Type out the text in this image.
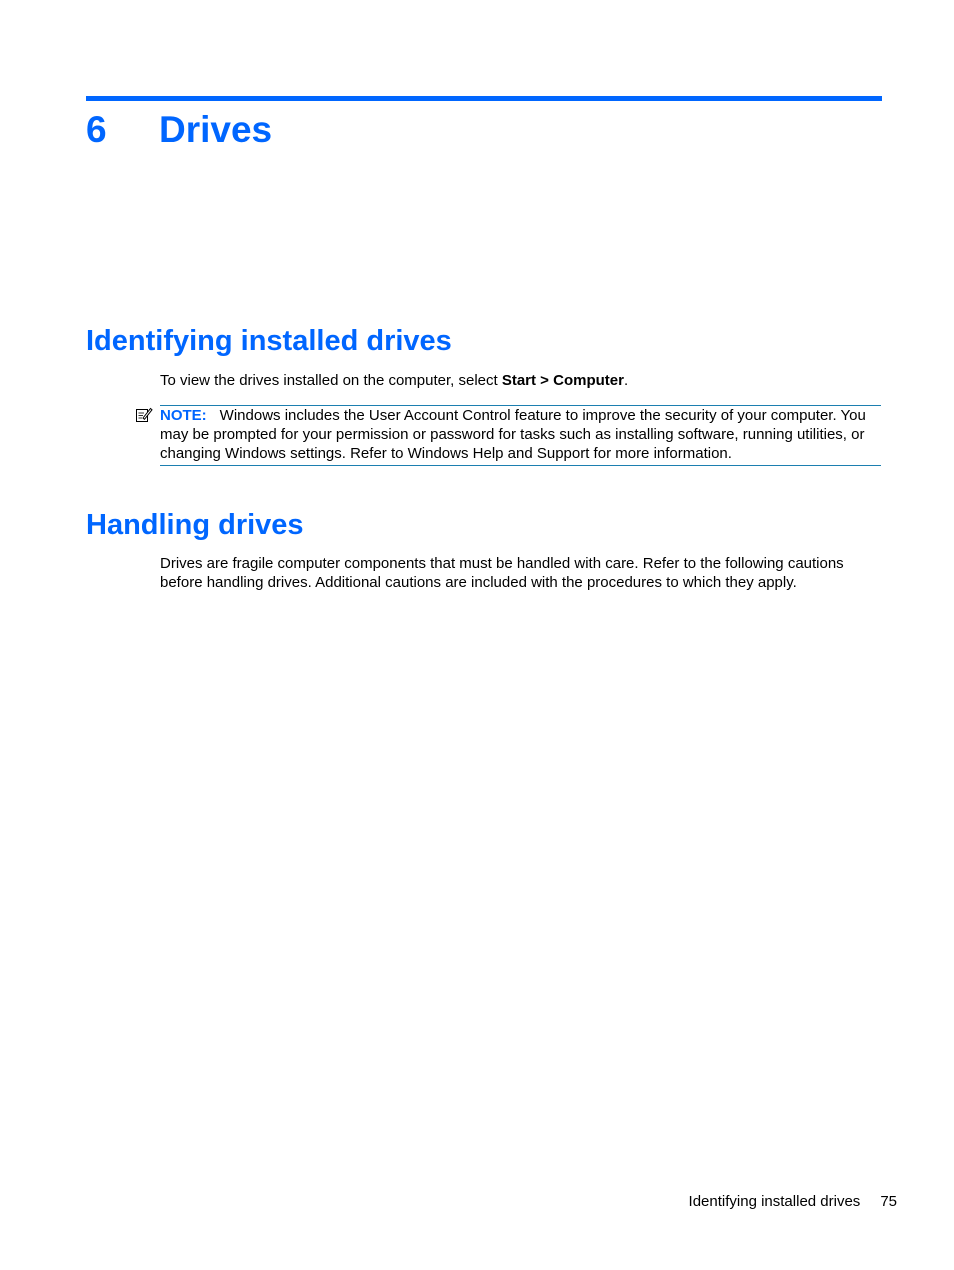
6	Drives
Identifying installed drives
To view the drives installed on the computer, select Start > Computer.
NOTE: Windows includes the User Account Control feature to improve the security of your computer. You may be prompted for your permission or password for tasks such as installing software, running utilities, or changing Windows settings. Refer to Windows Help and Support for more information.
Handling drives
Drives are fragile computer components that must be handled with care. Refer to the following cautions before handling drives. Additional cautions are included with the procedures to which they apply.
Identifying installed drives 75
